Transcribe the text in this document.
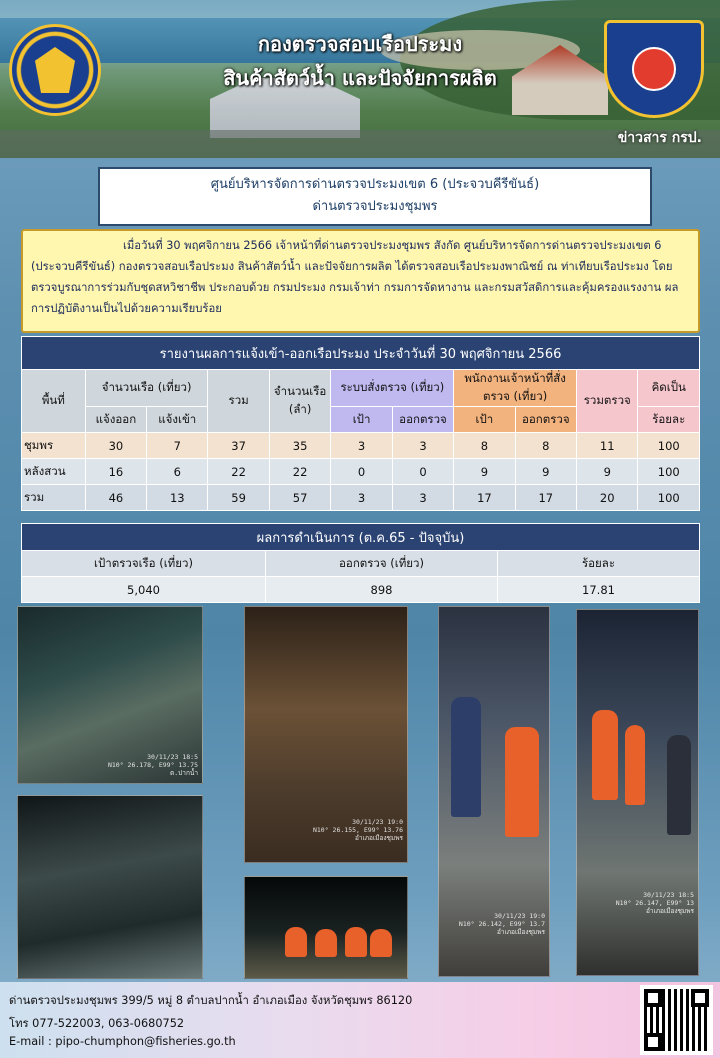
กองตรวจสอบเรือประมง
สินค้าสัตว์น้ำ และปัจจัยการผลิต
ข่าวสาร กรป.
ศูนย์บริหารจัดการด่านตรวจประมงเขต 6 (ประจวบคีรีขันธ์)
ด่านตรวจประมงชุมพร
เมื่อวันที่ 30 พฤศจิกายน 2566 เจ้าหน้าที่ด่านตรวจประมงชุมพร สังกัด ศูนย์บริหารจัดการด่านตรวจประมงเขต 6 (ประจวบคีรีขันธ์) กองตรวจสอบเรือประมง สินค้าสัตว์น้ำ และปัจจัยการผลิต ได้ตรวจสอบเรือประมงพาณิชย์ ณ ท่าเทียบเรือประมง โดยตรวจบูรณาการร่วมกับชุดสหวิชาชีพ ประกอบด้วย กรมประมง กรมเจ้าท่า กรมการจัดหางาน และกรมสวัสดิการและคุ้มครองแรงงาน ผลการปฏิบัติงานเป็นไปด้วยความเรียบร้อย
รายงานผลการแจ้งเข้า-ออกเรือประมง ประจำวันที่ 30 พฤศจิกายน 2566										
พื้นที่	จำนวนเรือ (เที่ยว)		รวม	จำนวนเรือ (ลำ)	ระบบสั่งตรวจ (เที่ยว)		พนักงานเจ้าหน้าที่สั่งตรวจ (เที่ยว)		รวมตรวจ	คิดเป็น
	แจ้งออก	แจ้งเข้า			เป้า	ออกตรวจ	เป้า	ออกตรวจ		ร้อยละ
ชุมพร	30	7	37	35	3	3	8	8	11	100
หลังสวน	16	6	22	22	0	0	9	9	9	100
รวม	46	13	59	57	3	3	17	17	20	100
ผลการดำเนินการ (ต.ค.65 - ปัจจุบัน)		
เป้าตรวจเรือ (เที่ยว)	ออกตรวจ (เที่ยว)	ร้อยละ
5,040	898	17.81
30/11/23 18:5
N10° 26.178, E99° 13.75
ต.ปากน้ำ
30/11/23 19:0
N10° 26.155, E99° 13.76
อำเภอเมืองชุมพร
30/11/23 19:0
N10° 26.142, E99° 13.7
อำเภอเมืองชุมพร
30/11/23 18:5
N10° 26.147, E99° 13
อำเภอเมืองชุมพร
ด่านตรวจประมงชุมพร 399/5 หมู่ 8 ตำบลปากน้ำ อำเภอเมือง จังหวัดชุมพร 86120
โทร 077-522003, 063-0680752
E-mail : pipo-chumphon@fisheries.go.th
